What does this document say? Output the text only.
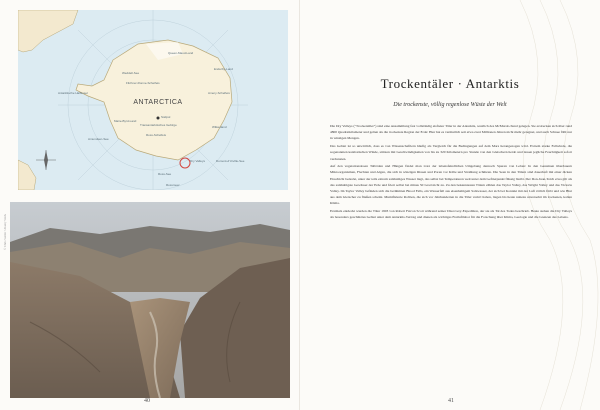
ANTARCTICA
Weddell-See
Ross-See
Amundsen-See
Ross-Schelfeis
Filchner-Ronne-Schelfeis
Amery-Schelfeis
Rossmeer
Südpol
Transantarktisches Gebirge
Queen-Maud-Land
Enderby-Land
Wilkesland
Marie-Byrd-Land
Antarktische Halbinsel
Dumont-d'Urville-See
Dry Valleys
© Chris Sattler / Alamy Stock
40
Trockentäler · Antarktis
Die trockenste, völlig regenlose Wüste der Welt

Die Dry Valleys ("Trockentäler") sind eine Ansammlung fast vollständig eisfreier Täler in der Antarktis, westlich des McMurdo-Sund gelegen. Sie erstrecken sich über rund 4800 Quadratkilometer und gelten als die trockenste Region der Erde: Hier hat es vermutlich seit etwa zwei Millionen Jahren nicht mehr geregnet, und auch Schnee fällt nur in winzigen Mengen.

Das Gebiet ist so unwirtlich, dass es von Wissenschaftlern häufig als Vergleich für die Bedingungen auf dem Mars herangezogen wird. Extrem starke Fallwinde, die sogenannten katabatischen Winde, stürzen mit Geschwindigkeiten von bis zu 320 Kilometern pro Stunde von den Gletschern herab und lassen jegliche Feuchtigkeit sofort verdunsten.

Auf den vegetationslosen Talböden und Hängen findet man trotz der lebensfeindlichen Umgebung dennoch Spuren von Leben: In den Gesteinen überdauern Mikroorganismen, Flechten und Algen, die sich in winzigen Rissen und Poren vor Kälte und Strahlung schützen. Die Seen in den Tälern sind dauerhaft mit einer dicken Eisschicht bedeckt, unter der teils extrem salzhaltiges Wasser liegt, das selbst bei Temperaturen weit unter dem Gefrierpunkt flüssig bleibt. Der Don-Juan-Teich etwa gilt als das salzhaltigste Gewässer der Erde und friert selbst bei minus 50 Grad nicht zu. Zu den bekanntesten Tälern zählen das Taylor Valley, das Wright Valley und das Victoria Valley. Im Taylor Valley befinden sich die berühmten Blood Falls, ein Wasserfall aus eisenhaltigem Salzwasser, der sich bei Kontakt mit der Luft rötlich färbt und wie Blut aus dem Gletscher zu fließen scheint. Mumifizierte Robben, die sich vor Jahrhunderten in die Täler verirrt haben, liegen bis heute nahezu unversehrt im trockenen, kalten Klima.

Erstmals entdeckt wurden die Täler 1903 von Robert Falcon Scott während seiner Discovery-Expedition, der sie als Tal des Todes beschrieb. Heute stehen die Dry Valleys als besonders geschütztes Gebiet unter dem Antarktis-Vertrag und dienen als wichtiges Freiluftlabor für die Forschung über Klima, Geologie und die Grenzen des Lebens.

41
